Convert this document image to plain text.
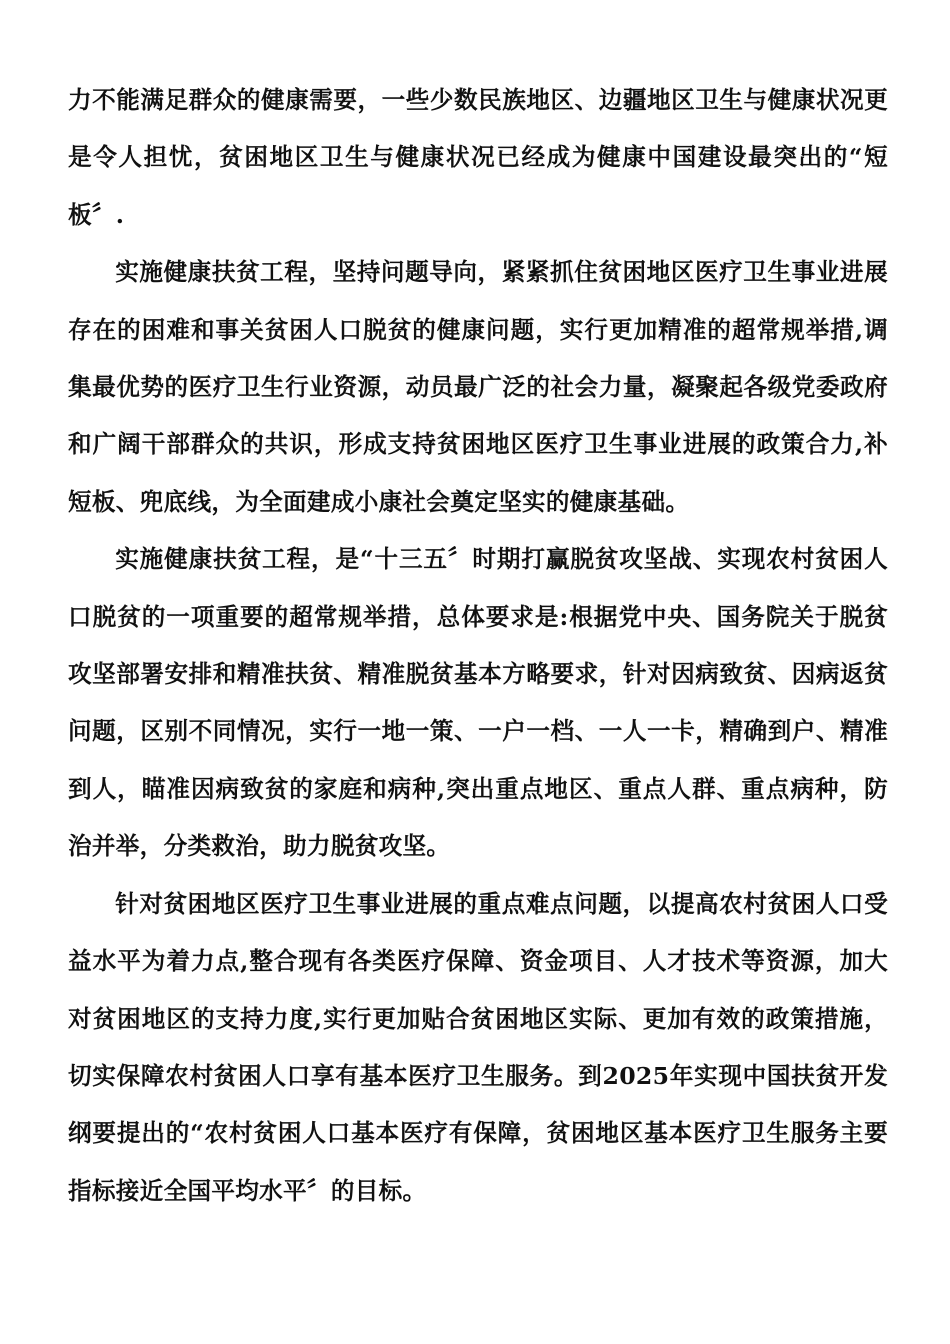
力不能满足群众的健康需要，一些少数民族地区、边疆地区卫生与健康状况更是令人担忧，贫困地区卫生与健康状况已经成为健康中国建设最突出的“短板〞.

实施健康扶贫工程，坚持问题导向，紧紧抓住贫困地区医疗卫生事业进展存在的困难和事关贫困人口脱贫的健康问题，实行更加精准的超常规举措,调集最优势的医疗卫生行业资源，动员最广泛的社会力量，凝聚起各级党委政府和广阔干部群众的共识，形成支持贫困地区医疗卫生事业进展的政策合力,补短板、兜底线，为全面建成小康社会奠定坚实的健康基础。

实施健康扶贫工程，是“十三五〞时期打赢脱贫攻坚战、实现农村贫困人口脱贫的一项重要的超常规举措，总体要求是:根据党中央、国务院关于脱贫攻坚部署安排和精准扶贫、精准脱贫基本方略要求，针对因病致贫、因病返贫问题，区别不同情况，实行一地一策、一户一档、一人一卡，精确到户、精准到人，瞄准因病致贫的家庭和病种,突出重点地区、重点人群、重点病种，防治并举，分类救治，助力脱贫攻坚。

针对贫困地区医疗卫生事业进展的重点难点问题，以提高农村贫困人口受益水平为着力点,整合现有各类医疗保障、资金项目、人才技术等资源，加大对贫困地区的支持力度,实行更加贴合贫困地区实际、更加有效的政策措施，切实保障农村贫困人口享有基本医疗卫生服务。到2025年实现中国扶贫开发纲要提出的“农村贫困人口基本医疗有保障，贫困地区基本医疗卫生服务主要指标接近全国平均水平〞的目标。
